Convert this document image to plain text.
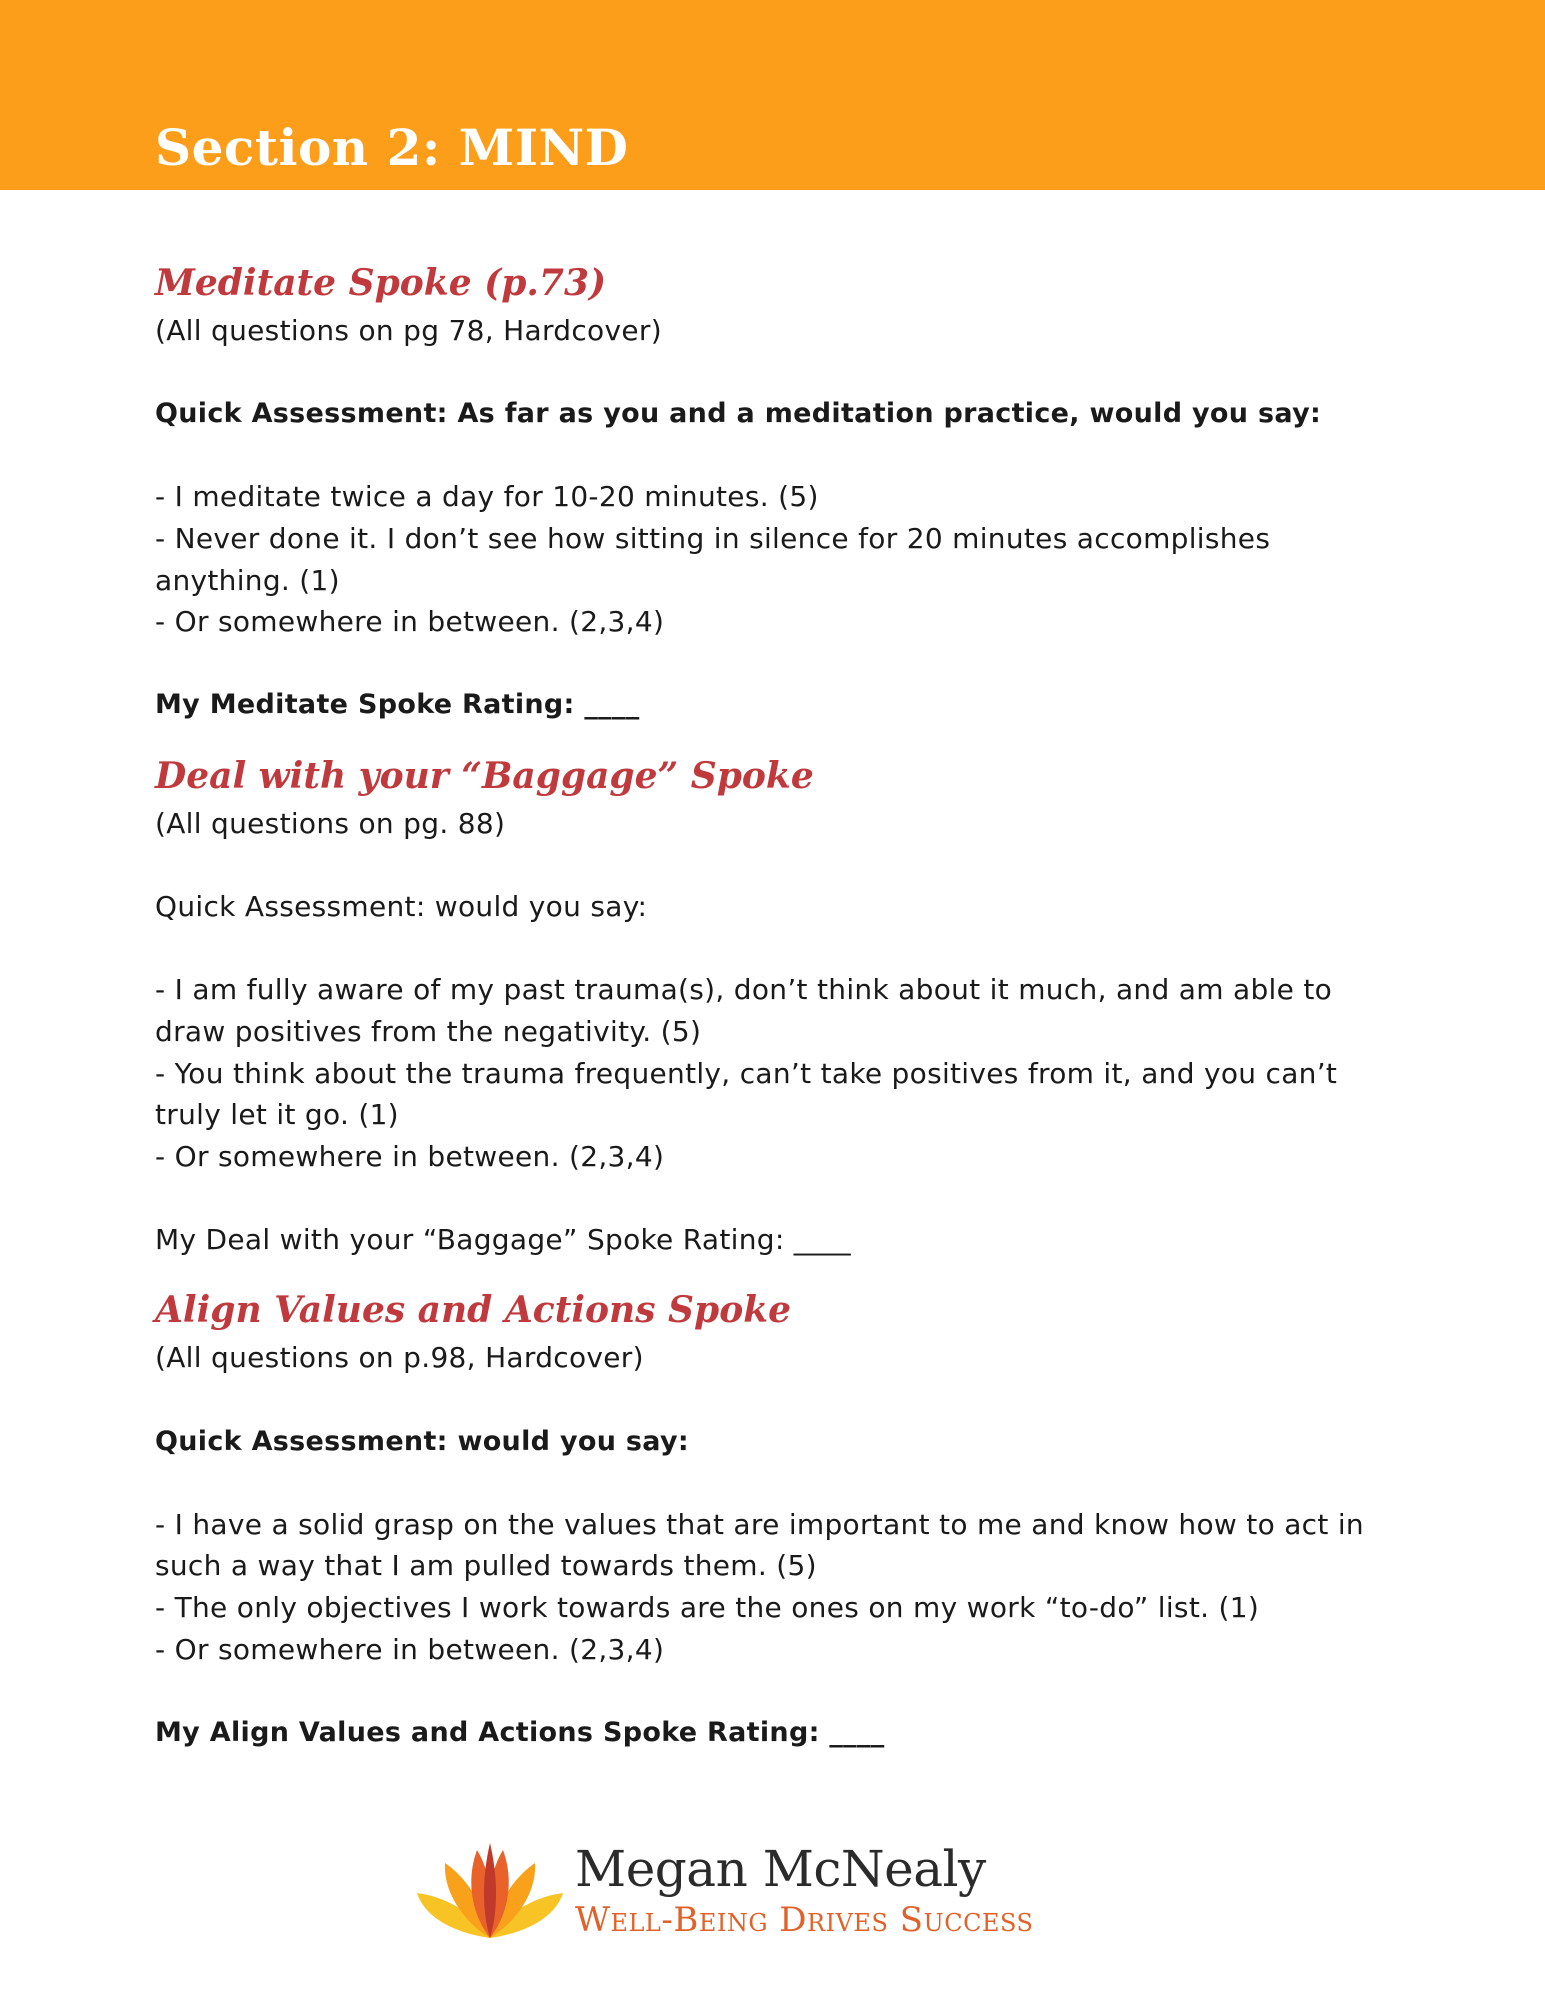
Section 2: MIND
Meditate Spoke (p.73)
(All questions on pg 78, Hardcover)
Quick Assessment: As far as you and a meditation practice, would you say:
- I meditate twice a day for 10-20 minutes. (5)
- Never done it. I don’t see how sitting in silence for 20 minutes accomplishes anything. (1)
- Or somewhere in between. (2,3,4)
My Meditate Spoke Rating: ____
Deal with your “Baggage” Spoke
(All questions on pg. 88)
Quick Assessment: would you say:
- I am fully aware of my past trauma(s), don’t think about it much, and am able to draw positives from the negativity. (5)
- You think about the trauma frequently, can’t take positives from it, and you can’t truly let it go. (1)
- Or somewhere in between. (2,3,4)
My Deal with your “Baggage” Spoke Rating: ____
Align Values and Actions Spoke
(All questions on p.98, Hardcover)
Quick Assessment: would you say:
- I have a solid grasp on the values that are important to me and know how to act in such a way that I am pulled towards them. (5)
- The only objectives I work towards are the ones on my work “to-do” list. (1)
- Or somewhere in between. (2,3,4)
My Align Values and Actions Spoke Rating: ____
Megan McNealy
Well-Being Drives Success
